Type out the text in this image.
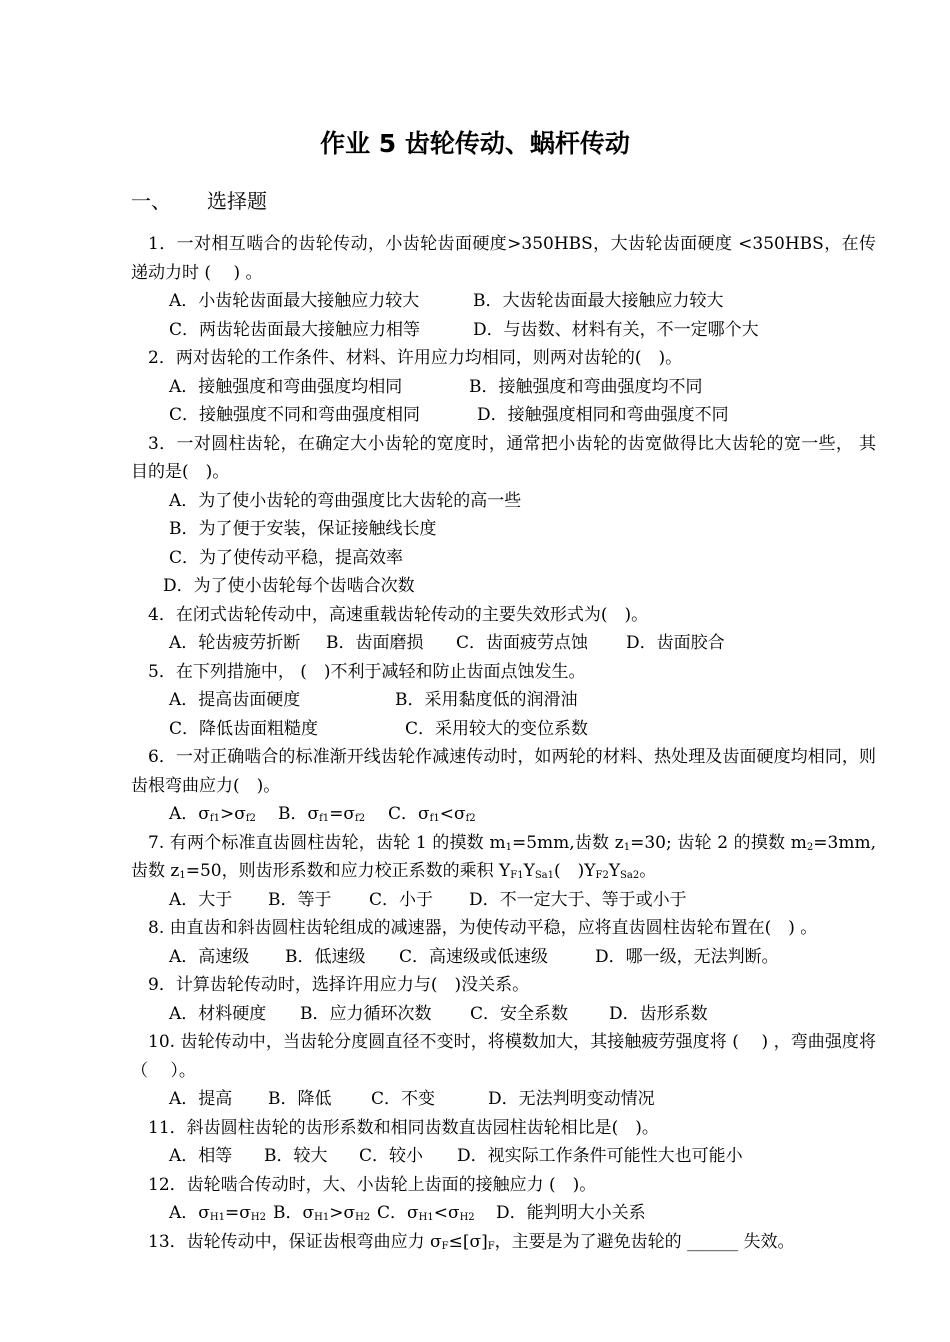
作业 5 齿轮传动、蜗杆传动
一、 选择题

1．一对相互啮合的齿轮传动，小齿轮齿面硬度>350HBS，大齿轮齿面硬度 <350HBS，在传递动力时 (　 ) 。

A．小齿轮齿面最大接触应力较大	B．大齿轮齿面最大接触应力较大

C．两齿轮齿面最大接触应力相等	D．与齿数、材料有关，不一定哪个大

2．两对齿轮的工作条件、材料、许用应力均相同，则两对齿轮的(　)。

A．接触强度和弯曲强度均相同	B．接触强度和弯曲强度均不同

C．接触强度不同和弯曲强度相同	D．接触强度相同和弯曲强度不同

3．一对圆柱齿轮，在确定大小齿轮的宽度时，通常把小齿轮的齿宽做得比大齿轮的宽一些， 其目的是(　)。

A．为了使小齿轮的弯曲强度比大齿轮的高一些

B．为了便于安装，保证接触线长度

C．为了使传动平稳，提高效率

D．为了使小齿轮每个齿啮合次数

4．在闭式齿轮传动中，高速重载齿轮传动的主要失效形式为(　)。

A．轮齿疲劳折断 B．齿面磨损 C．齿面疲劳点蚀 D．齿面胶合

5．在下列措施中， (　)不利于减轻和防止齿面点蚀发生。

A．提高齿面硬度	B．采用黏度低的润滑油

C．降低齿面粗糙度	C．采用较大的变位系数

6．一对正确啮合的标准渐开线齿轮作减速传动时，如两轮的材料、热处理及齿面硬度均相同，则齿根弯曲应力(　)。

A．$\sigma_{f1}>\sigma_{f2}$ B．$\sigma_{f1}=\sigma_{f2}$ C．$\sigma_{f1}<\sigma_{f2}$

7. 有两个标准直齿圆柱齿轮，齿轮 1 的摸数 $m_1=5mm$,齿数 $z_1=30$; 齿轮 2 的摸数 $m_2=3mm$, 齿数 $z_1=50$，则齿形系数和应力校正系数的乘积 $Y_{F1}Y_{Sa1}$(　)$Y_{F2}Y_{Sa2}$。

A．大于 B．等于 C．小于 D．不一定大于、等于或小于

8. 由直齿和斜齿圆柱齿轮组成的减速器，为使传动平稳，应将直齿圆柱齿轮布置在(　) 。

A．高速级 B．低速级 C．高速级或低速级	D．哪一级，无法判断。

9．计算齿轮传动时，选择许用应力与(　)没关系。

A．材料硬度 B．应力循环次数 C．安全系数 D．齿形系数

10. 齿轮传动中，当齿轮分度圆直径不变时，将模数加大，其接触疲劳强度将 (　 ) ，弯曲强度将（　 ）。

A．提高 B．降低 C．不变	D．无法判明变动情况

11．斜齿圆柱齿轮的齿形系数和相同齿数直齿园柱齿轮相比是(　)。

A．相等 B．较大 C．较小 D．视实际工作条件可能性大也可能小

12．齿轮啮合传动时，大、小齿轮上齿面的接触应力 (　)。

A．$\sigma_{H1}=\sigma_{H2}$ B．$\sigma_{H1}>\sigma_{H2}$ C．$\sigma_{H1}<\sigma_{H2}$ D．能判明大小关系

13．齿轮传动中，保证齿根弯曲应力 $\sigma_F\le[\sigma]_F$，主要是为了避免齿轮的 ______ 失效。
